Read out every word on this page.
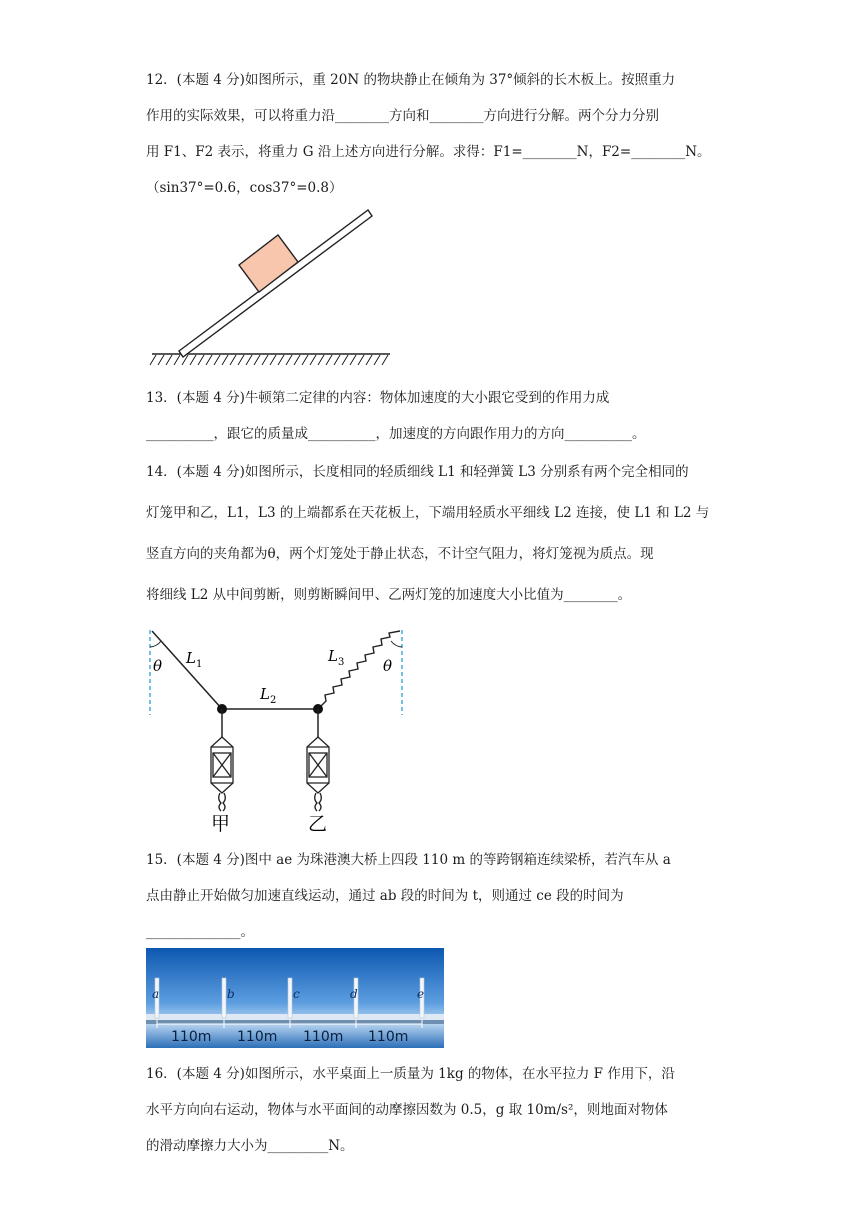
12．(本题 4 分)如图所示，重 20N 的物块静止在倾角为 37°倾斜的长木板上。按照重力

作用的实际效果，可以将重力沿________方向和________方向进行分解。两个分力分别

用 F1、F2 表示，将重力 G 沿上述方向进行分解。求得：F1=________N，F2=________N。

（sin37°=0.6，cos37°=0.8）

13．(本题 4 分)牛顿第二定律的内容：物体加速度的大小跟它受到的作用力成

__________，跟它的质量成__________，加速度的方向跟作用力的方向__________。

14．(本题 4 分)如图所示，长度相同的轻质细线 L1 和轻弹簧 L3 分别系有两个完全相同的

灯笼甲和乙，L1，L3 的上端都系在天花板上，下端用轻质水平细线 L2 连接，使 L1 和 L2 与

竖直方向的夹角都为θ，两个灯笼处于静止状态，不计空气阻力，将灯笼视为质点。现

将细线 L2 从中间剪断，则剪断瞬间甲、乙两灯笼的加速度大小比值为________。

θ	θ
$L_1$
$L_2$
$L_3$
甲	乙

15．(本题 4 分)图中 ae 为珠港澳大桥上四段 110 m 的等跨钢箱连续梁桥，若汽车从 a

点由静止开始做匀加速直线运动，通过 ab 段的时间为 t，则通过 ce 段的时间为

______________。

a	b	c	d	e
110m 110m 110m 110m

16．(本题 4 分)如图所示，水平桌面上一质量为 1kg 的物体，在水平拉力 F 作用下，沿

水平方向向右运动，物体与水平面间的动摩擦因数为 0.5，g 取 10m/s²，则地面对物体

的滑动摩擦力大小为_________N。
